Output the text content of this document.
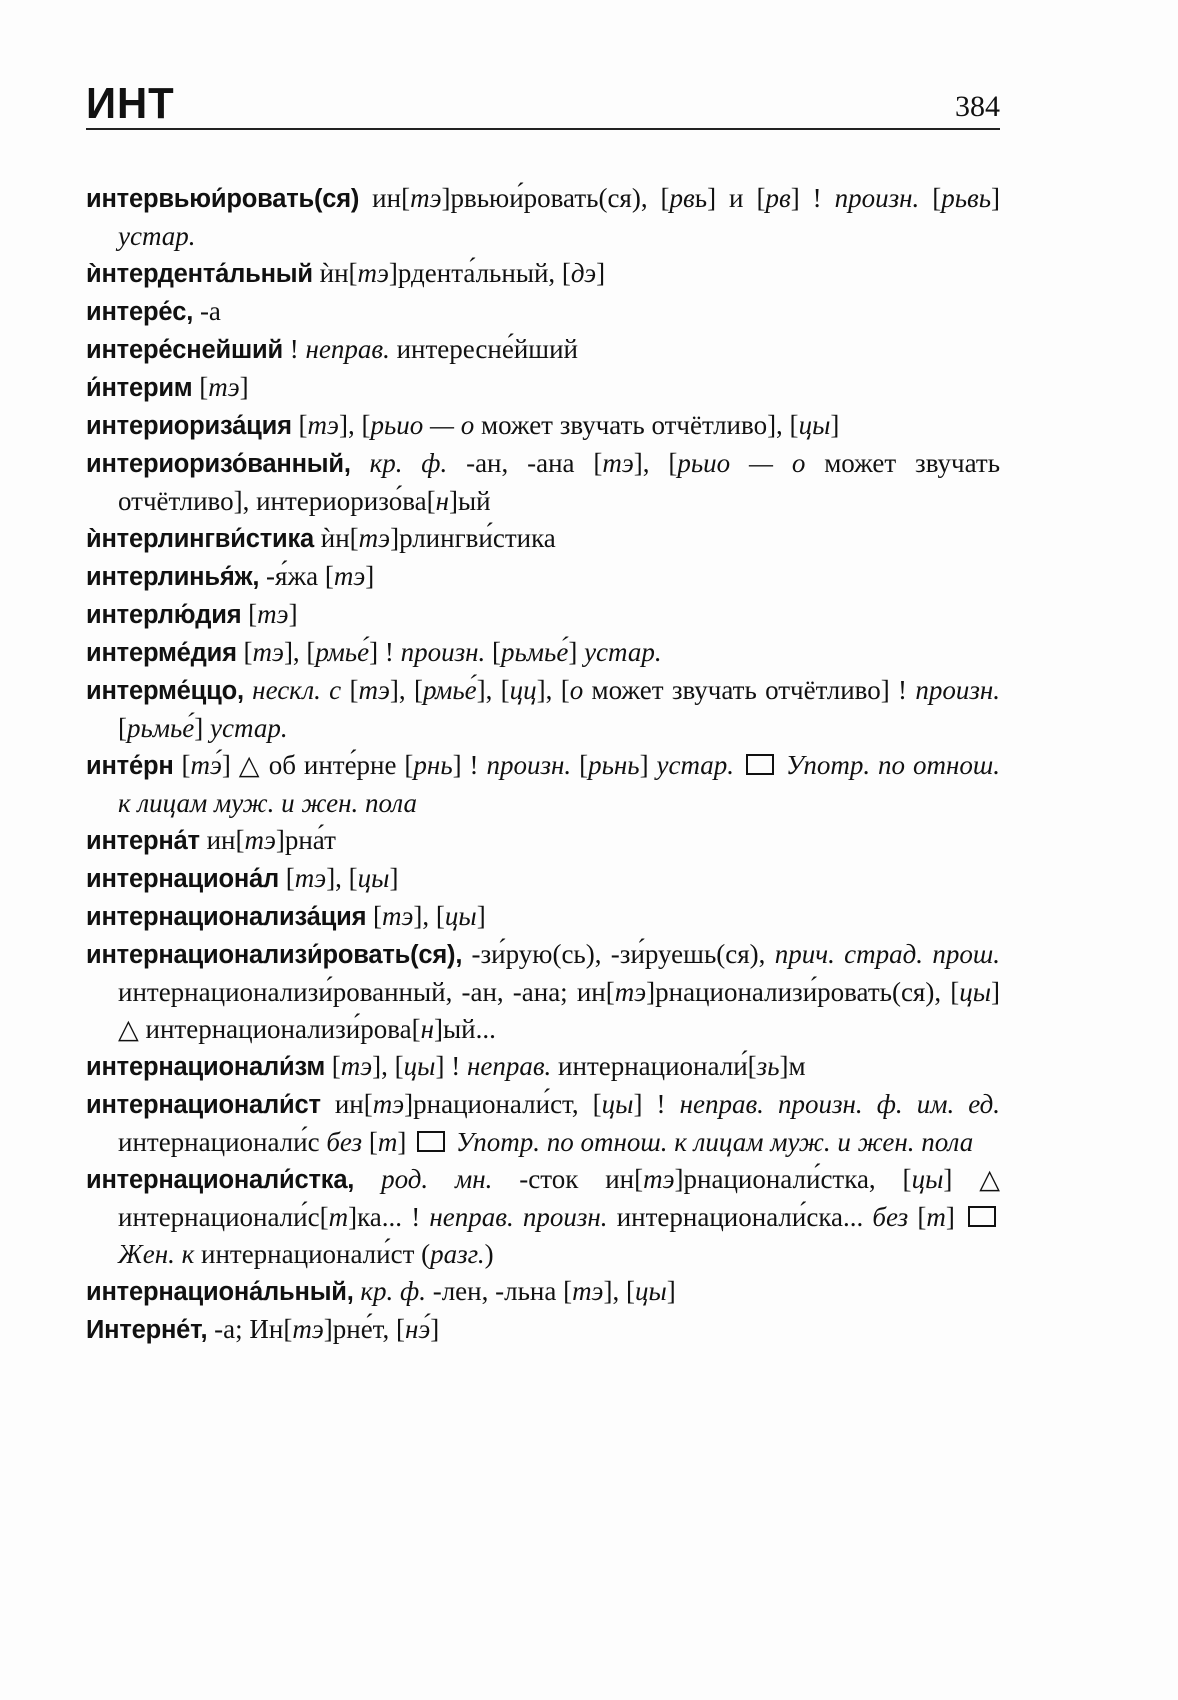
ИНТ	384
интервьюи́ровать(ся) ин[тэ]рвьюи́ровать(ся), [рвь] и [рв] ! произн. [рьвь] устар.
ѝнтердента́льный ѝн[тэ]рдента́льный, [дэ]
интере́с, -а
интере́снейший ! неправ. интересне́йший
и́нтерим [тэ]
интериориза́ция [тэ], [рьио — о может звучать отчётливо], [цы]
интериоризо́ванный, кр. ф. -ан, -ана [тэ], [рьио — о может звучать отчётливо], интериоризо́ва[н]ый
ѝнтерлингви́стика ѝн[тэ]рлингви́стика
интерлинья́ж, -я́жа [тэ]
интерлю́дия [тэ]
интерме́дия [тэ], [рмье́] ! произн. [рьмье́] устар.
интерме́ццо, нескл. с [тэ], [рмье́], [цц], [о может звучать отчётливо] ! произн. [рьмье́] устар.
инте́рн [тэ́] △ об инте́рне [рнь] ! произн. [рьнь] устар. Употр. по отнош. к лицам муж. и жен. пола
интерна́т ин[тэ]рна́т
интернациона́л [тэ], [цы]
интернационализа́ция [тэ], [цы]
интернационализи́ровать(ся), -зи́рую(сь), -зи́руешь(ся), прич. страд. прош. интернационализи́рованный, -ан, -ана; ин[тэ]рнационализи́ровать(ся), [цы] △ интернационализи́рова[н]ый...
интернационали́зм [тэ], [цы] ! неправ. интернационали́[зь]м
интернационали́ст ин[тэ]рнационали́ст, [цы] ! неправ. произн. ф. им. ед. интернационали́с без [т] Употр. по отнош. к лицам муж. и жен. пола
интернационали́стка, род. мн. -сток ин[тэ]рнационали́стка, [цы] △ интернационали́с[т]ка... ! неправ. произн. интернационали́ска... без [т]  Жен. к интернационали́ст (разг.)
интернациона́льный, кр. ф. -лен, -льна [тэ], [цы]
Интерне́т, -а; Ин[тэ]рне́т, [нэ́]
